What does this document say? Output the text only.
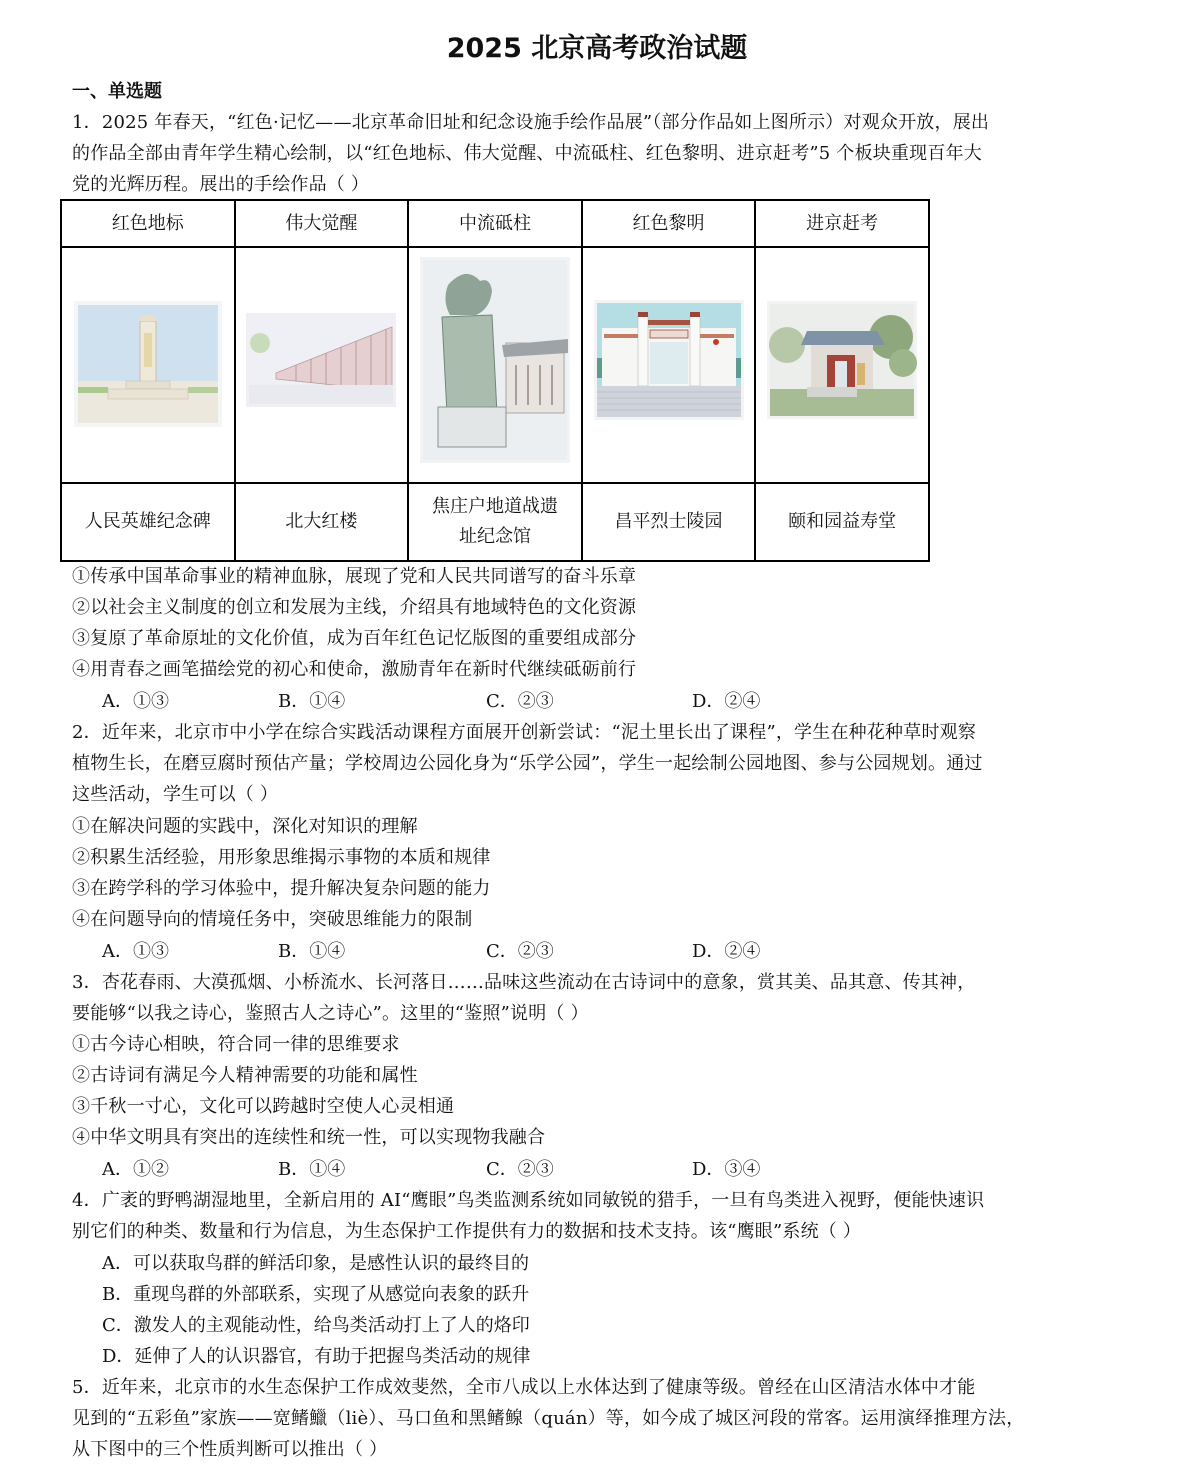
2025 北京高考政治试题
一、单选题
1．2025 年春天，“红色·记忆——北京革命旧址和纪念设施手绘作品展”（部分作品如上图所示）对观众开放，展出
的作品全部由青年学生精心绘制，以“红色地标、伟大觉醒、中流砥柱、红色黎明、进京赶考”5 个板块重现百年大
党的光辉历程。展出的手绘作品（ ）
红色地标	伟大觉醒	中流砥柱	红色黎明	进京赶考

人民英雄纪念碑	北大红楼	焦庄户地道战遗
址纪念馆	昌平烈士陵园	颐和园益寿堂
①传承中国革命事业的精神血脉，展现了党和人民共同谱写的奋斗乐章
②以社会主义制度的创立和发展为主线，介绍具有地域特色的文化资源
③复原了革命原址的文化价值，成为百年红色记忆版图的重要组成部分
④用青春之画笔描绘党的初心和使命，激励青年在新时代继续砥砺前行
A．①③	B．①④	C．②③	D．②④
2．近年来，北京市中小学在综合实践活动课程方面展开创新尝试：“泥土里长出了课程”，学生在种花种草时观察
植物生长，在磨豆腐时预估产量；学校周边公园化身为“乐学公园”，学生一起绘制公园地图、参与公园规划。通过
这些活动，学生可以（ ）
①在解决问题的实践中，深化对知识的理解
②积累生活经验，用形象思维揭示事物的本质和规律
③在跨学科的学习体验中，提升解决复杂问题的能力
④在问题导向的情境任务中，突破思维能力的限制
A．①③	B．①④	C．②③	D．②④
3．杏花春雨、大漠孤烟、小桥流水、长河落日……品味这些流动在古诗词中的意象，赏其美、品其意、传其神，
要能够“以我之诗心，鉴照古人之诗心”。这里的“鉴照”说明（ ）
①古今诗心相映，符合同一律的思维要求
②古诗词有满足今人精神需要的功能和属性
③千秋一寸心，文化可以跨越时空使人心灵相通
④中华文明具有突出的连续性和统一性，可以实现物我融合
A．①②	B．①④	C．②③	D．③④
4．广袤的野鸭湖湿地里，全新启用的 AI“鹰眼”鸟类监测系统如同敏锐的猎手，一旦有鸟类进入视野，便能快速识
别它们的种类、数量和行为信息，为生态保护工作提供有力的数据和技术支持。该“鹰眼”系统（ ）
A．可以获取鸟群的鲜活印象，是感性认识的最终目的
B．重现鸟群的外部联系，实现了从感觉向表象的跃升
C．激发人的主观能动性，给鸟类活动打上了人的烙印
D．延伸了人的认识器官，有助于把握鸟类活动的规律
5．近年来，北京市的水生态保护工作成效斐然，全市八成以上水体达到了健康等级。曾经在山区清洁水体中才能
见到的“五彩鱼”家族——宽鳍鱲（liè）、马口鱼和黑鳍鳈（quán）等，如今成了城区河段的常客。运用演绎推理方法，
从下图中的三个性质判断可以推出（ ）
